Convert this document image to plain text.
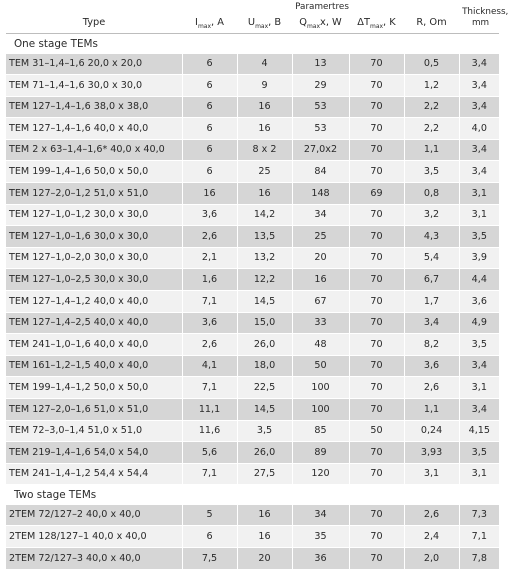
	Paramertres					Thickness,
mm
Type	$I_{max}$, A	$U_{max}$, B	$Q_{max}x$, W	$\Delta T_{max}$, K	R, Om	

One stage TEMs						
TEM 31–1,4–1,6 20,0 x 20,0	6	4	13	70	0,5	3,4
TEM 71–1,4–1,6 30,0 x 30,0	6	9	29	70	1,2	3,4
TEM 127–1,4–1,6 38,0 x 38,0	6	16	53	70	2,2	3,4
TEM 127–1,4–1,6 40,0 x 40,0	6	16	53	70	2,2	4,0
TEM 2 x 63–1,4–1,6* 40,0 x 40,0	6	8 x 2	27,0x2	70	1,1	3,4
TEM 199–1,4–1,6 50,0 x 50,0	6	25	84	70	3,5	3,4
TEM 127–2,0–1,2 51,0 x 51,0	16	16	148	69	0,8	3,1
TEM 127–1,0–1,2 30,0 x 30,0	3,6	14,2	34	70	3,2	3,1
TEM 127–1,0–1,6 30,0 x 30,0	2,6	13,5	25	70	4,3	3,5
TEM 127–1,0–2,0 30,0 x 30,0	2,1	13,2	20	70	5,4	3,9
TEM 127–1,0–2,5 30,0 x 30,0	1,6	12,2	16	70	6,7	4,4
TEM 127–1,4–1,2 40,0 x 40,0	7,1	14,5	67	70	1,7	3,6
TEM 127–1,4–2,5 40,0 x 40,0	3,6	15,0	33	70	3,4	4,9
TEM 241–1,0–1,6 40,0 x 40,0	2,6	26,0	48	70	8,2	3,5
TEM 161–1,2–1,5 40,0 x 40,0	4,1	18,0	50	70	3,6	3,4
TEM 199–1,4–1,2 50,0 x 50,0	7,1	22,5	100	70	2,6	3,1
TEM 127–2,0–1,6 51,0 x 51,0	11,1	14,5	100	70	1,1	3,4
TEM 72–3,0–1,4 51,0 x 51,0	11,6	3,5	85	50	0,24	4,15
TEM 219–1,4–1,6 54,0 x 54,0	5,6	26,0	89	70	3,93	3,5
TEM 241–1,4–1,2 54,4 x 54,4	7,1	27,5	120	70	3,1	3,1
Two stage TEMs						
2TEM 72/127–2 40,0 x 40,0	5	16	34	70	2,6	7,3
2TEM 128/127–1 40,0 x 40,0	6	16	35	70	2,4	7,1
2TEM 72/127–3 40,0 x 40,0	7,5	20	36	70	2,0	7,8
